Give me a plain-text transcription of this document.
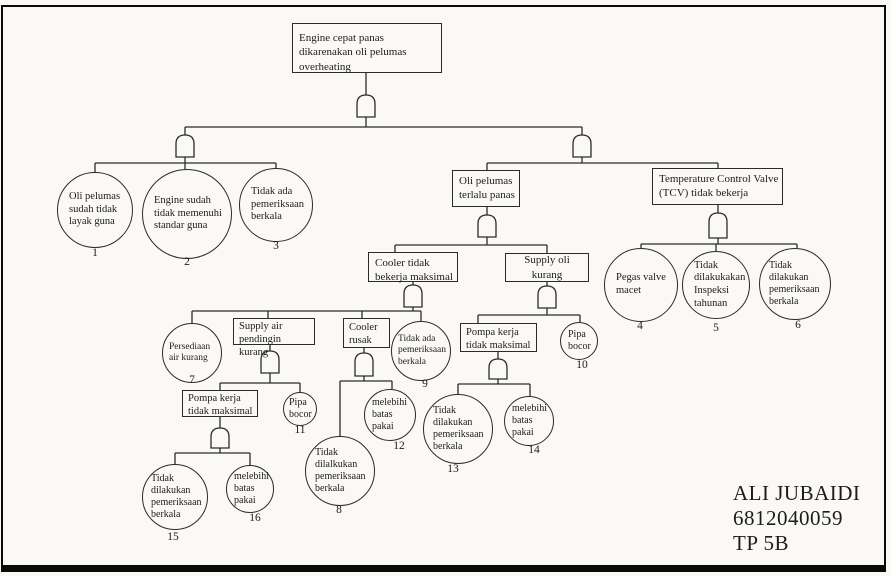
Engine cepat panas dikarenakan oli pelumas overheating
Oli pelumas terlalu panas
Temperature Control Valve (TCV) tidak bekerja
Cooler tidak bekerja maksimal
Supply oli kurang
Supply air pendingin kurang
Cooler rusak
Pompa kerja tidak maksimal
Pompa kerja tidak maksimal
Oli pelumas sudah tidak layak guna
1
Engine sudah tidak memenuhi standar guna
2
Tidak ada pemeriksaan berkala
3
Pegas valve macet
4
Tidak dilakukakan Inspeksi tahunan
5
Tidak dilakukan pemeriksaan berkala
6
Persediaan air kurang
7
Tidak dilalkukan pemeriksaan berkala
8
Tidak ada pemeriksaan berkala
9
Pipa bocor
10
Pipa bocor
11
melebihi batas pakai
12
Tidak dilakukan pemeriksaan berkala
13
melebihi batas pakai
14
Tidak dilakukan pemeriksaan berkala
15
melebihi batas pakai
16
ALI JUBAIDI
6812040059
TP 5B
